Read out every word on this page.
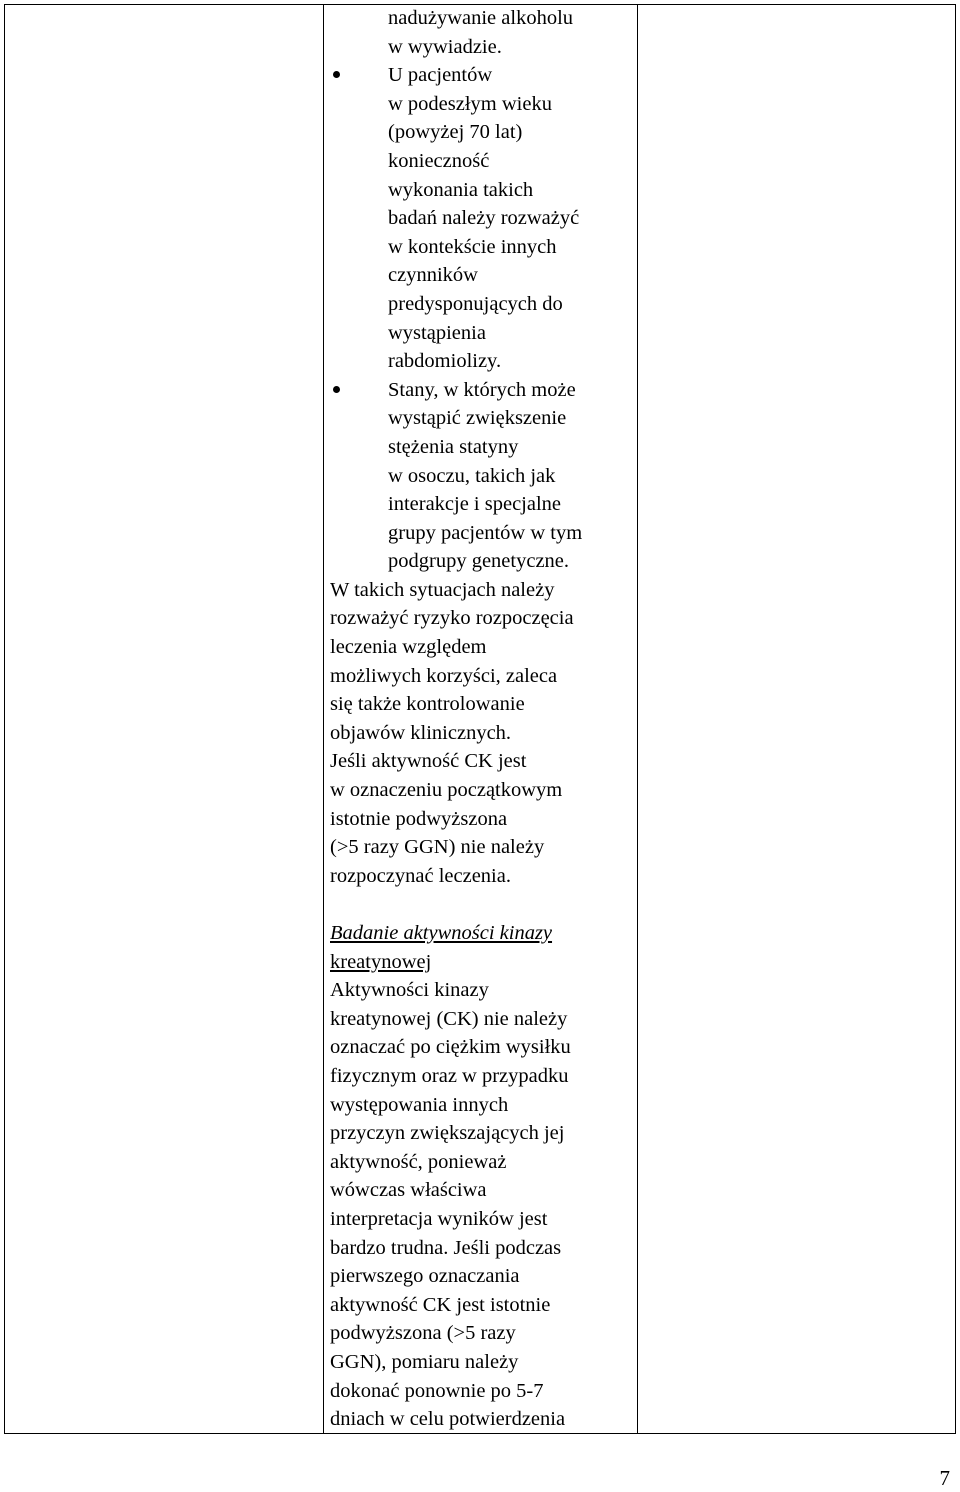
nadużywanie alkoholu
w wywiadzie.
U pacjentów
w podeszłym wieku
(powyżej 70 lat)
konieczność
wykonania takich
badań należy rozważyć
w kontekście innych
czynników
predysponujących do
wystąpienia
rabdomiolizy.
Stany, w których może
wystąpić zwiększenie
stężenia statyny
w osoczu, takich jak
interakcje i specjalne
grupy pacjentów w tym
podgrupy genetyczne.
W takich sytuacjach należy
rozważyć ryzyko rozpoczęcia
leczenia względem
możliwych korzyści, zaleca
się także kontrolowanie
objawów klinicznych.
Jeśli aktywność CK jest
w oznaczeniu początkowym
istotnie podwyższona
(>5 razy GGN) nie należy
rozpoczynać leczenia.
Badanie aktywności kinazy
kreatynowej
Aktywności kinazy
kreatynowej (CK) nie należy
oznaczać po ciężkim wysiłku
fizycznym oraz w przypadku
występowania innych
przyczyn zwiększających jej
aktywność, ponieważ
wówczas właściwa
interpretacja wyników jest
bardzo trudna. Jeśli podczas
pierwszego oznaczania
aktywność CK jest istotnie
podwyższona (>5 razy
GGN), pomiaru należy
dokonać ponownie po 5-7
dniach w celu potwierdzenia
7
